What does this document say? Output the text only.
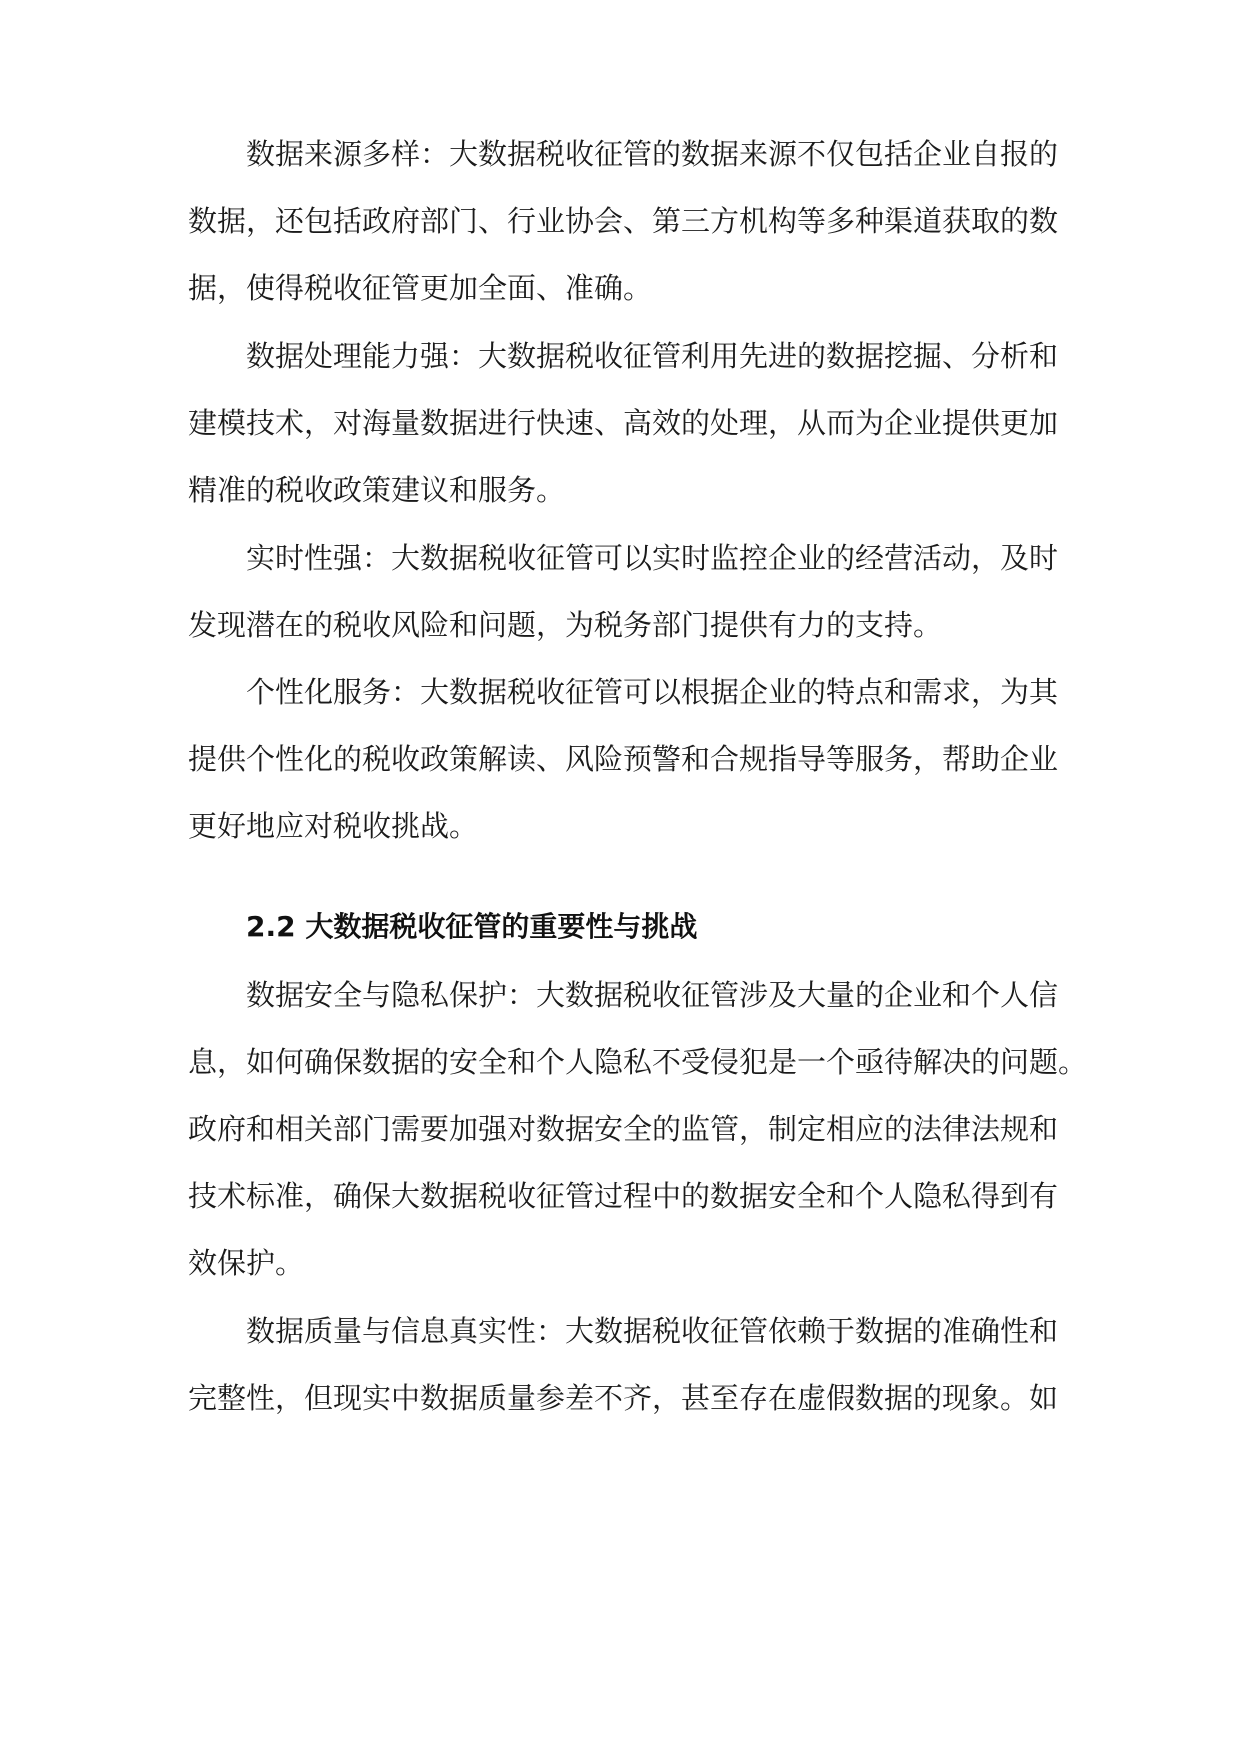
数据来源多样：大数据税收征管的数据来源不仅包括企业自报的
数据，还包括政府部门、行业协会、第三方机构等多种渠道获取的数
据，使得税收征管更加全面、准确。
数据处理能力强：大数据税收征管利用先进的数据挖掘、分析和
建模技术，对海量数据进行快速、高效的处理，从而为企业提供更加
精准的税收政策建议和服务。
实时性强：大数据税收征管可以实时监控企业的经营活动，及时
发现潜在的税收风险和问题，为税务部门提供有力的支持。
个性化服务：大数据税收征管可以根据企业的特点和需求，为其
提供个性化的税收政策解读、风险预警和合规指导等服务，帮助企业
更好地应对税收挑战。
数据安全与隐私保护：大数据税收征管涉及大量的企业和个人信
息，如何确保数据的安全和个人隐私不受侵犯是一个亟待解决的问题。
政府和相关部门需要加强对数据安全的监管，制定相应的法律法规和
技术标准，确保大数据税收征管过程中的数据安全和个人隐私得到有
效保护。
数据质量与信息真实性：大数据税收征管依赖于数据的准确性和
完整性，但现实中数据质量参差不齐，甚至存在虚假数据的现象。如
2.2 大数据税收征管的重要性与挑战
